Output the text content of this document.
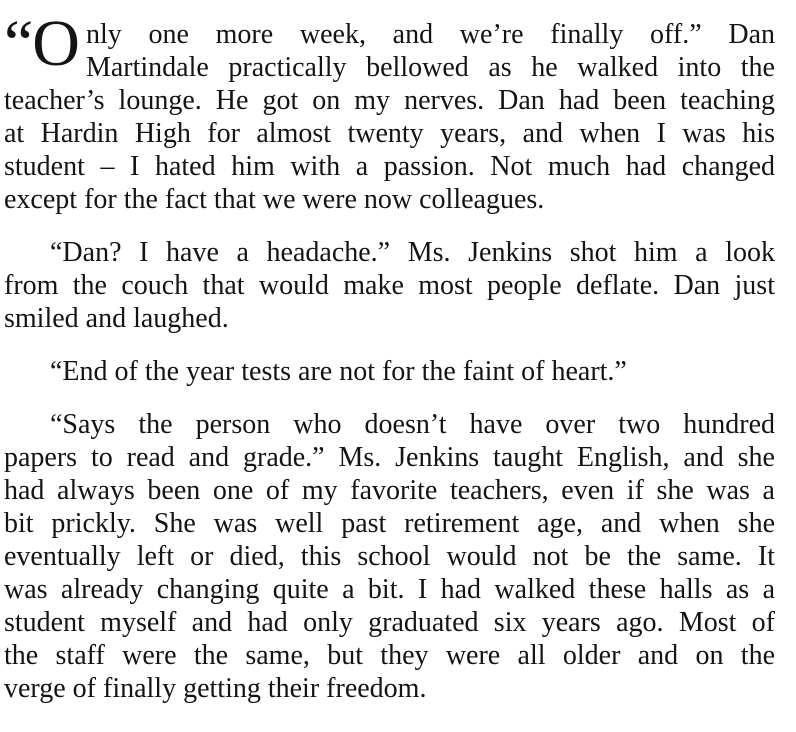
“O nly one more week, and we’re finally off.” Dan
Martindale practically bellowed as he walked into the
teacher’s lounge. He got on my nerves. Dan had been teaching
at Hardin High for almost twenty years, and when I was his
student – I hated him with a passion. Not much had changed
except for the fact that we were now colleagues.
“Dan? I have a headache.” Ms. Jenkins shot him a look
from the couch that would make most people deflate. Dan just
smiled and laughed.
“End of the year tests are not for the faint of heart.”
“Says the person who doesn’t have over two hundred
papers to read and grade.” Ms. Jenkins taught English, and she
had always been one of my favorite teachers, even if she was a
bit prickly. She was well past retirement age, and when she
eventually left or died, this school would not be the same. It
was already changing quite a bit. I had walked these halls as a
student myself and had only graduated six years ago. Most of
the staff were the same, but they were all older and on the
verge of finally getting their freedom.
